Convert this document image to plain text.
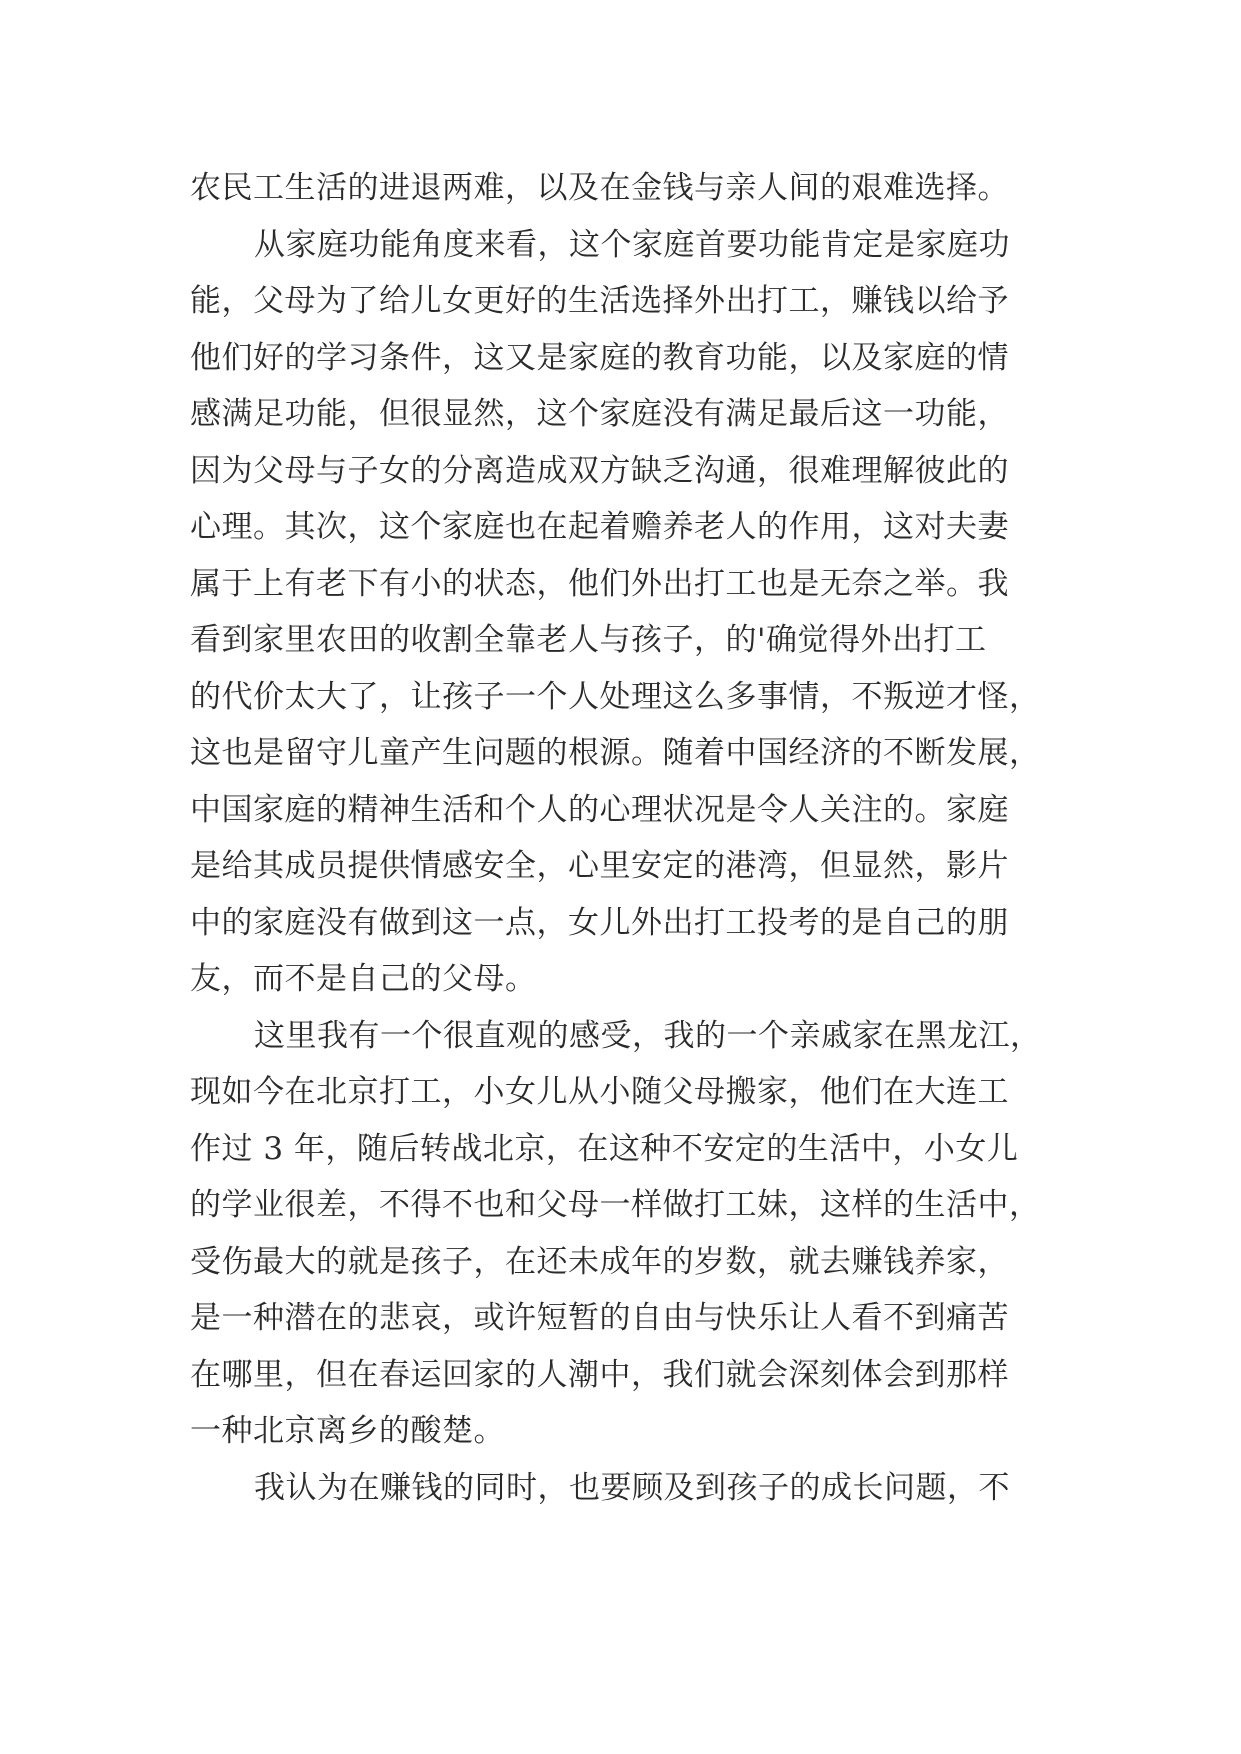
农民工生活的进退两难，以及在金钱与亲人间的艰难选择。
从家庭功能角度来看，这个家庭首要功能肯定是家庭功
能，父母为了给儿女更好的生活选择外出打工，赚钱以给予
他们好的学习条件，这又是家庭的教育功能，以及家庭的情
感满足功能，但很显然，这个家庭没有满足最后这一功能，
因为父母与子女的分离造成双方缺乏沟通，很难理解彼此的
心理。其次，这个家庭也在起着赡养老人的作用，这对夫妻
属于上有老下有小的状态，他们外出打工也是无奈之举。我
看到家里农田的收割全靠老人与孩子，的'确觉得外出打工
的代价太大了，让孩子一个人处理这么多事情，不叛逆才怪，
这也是留守儿童产生问题的根源。随着中国经济的不断发展，
中国家庭的精神生活和个人的心理状况是令人关注的。家庭
是给其成员提供情感安全，心里安定的港湾，但显然，影片
中的家庭没有做到这一点，女儿外出打工投考的是自己的朋
友，而不是自己的父母。
这里我有一个很直观的感受，我的一个亲戚家在黑龙江，
现如今在北京打工，小女儿从小随父母搬家，他们在大连工
作过 3 年，随后转战北京，在这种不安定的生活中，小女儿
的学业很差，不得不也和父母一样做打工妹，这样的生活中，
受伤最大的就是孩子，在还未成年的岁数，就去赚钱养家，
是一种潜在的悲哀，或许短暂的自由与快乐让人看不到痛苦
在哪里，但在春运回家的人潮中，我们就会深刻体会到那样
一种北京离乡的酸楚。
我认为在赚钱的同时，也要顾及到孩子的成长问题，不
